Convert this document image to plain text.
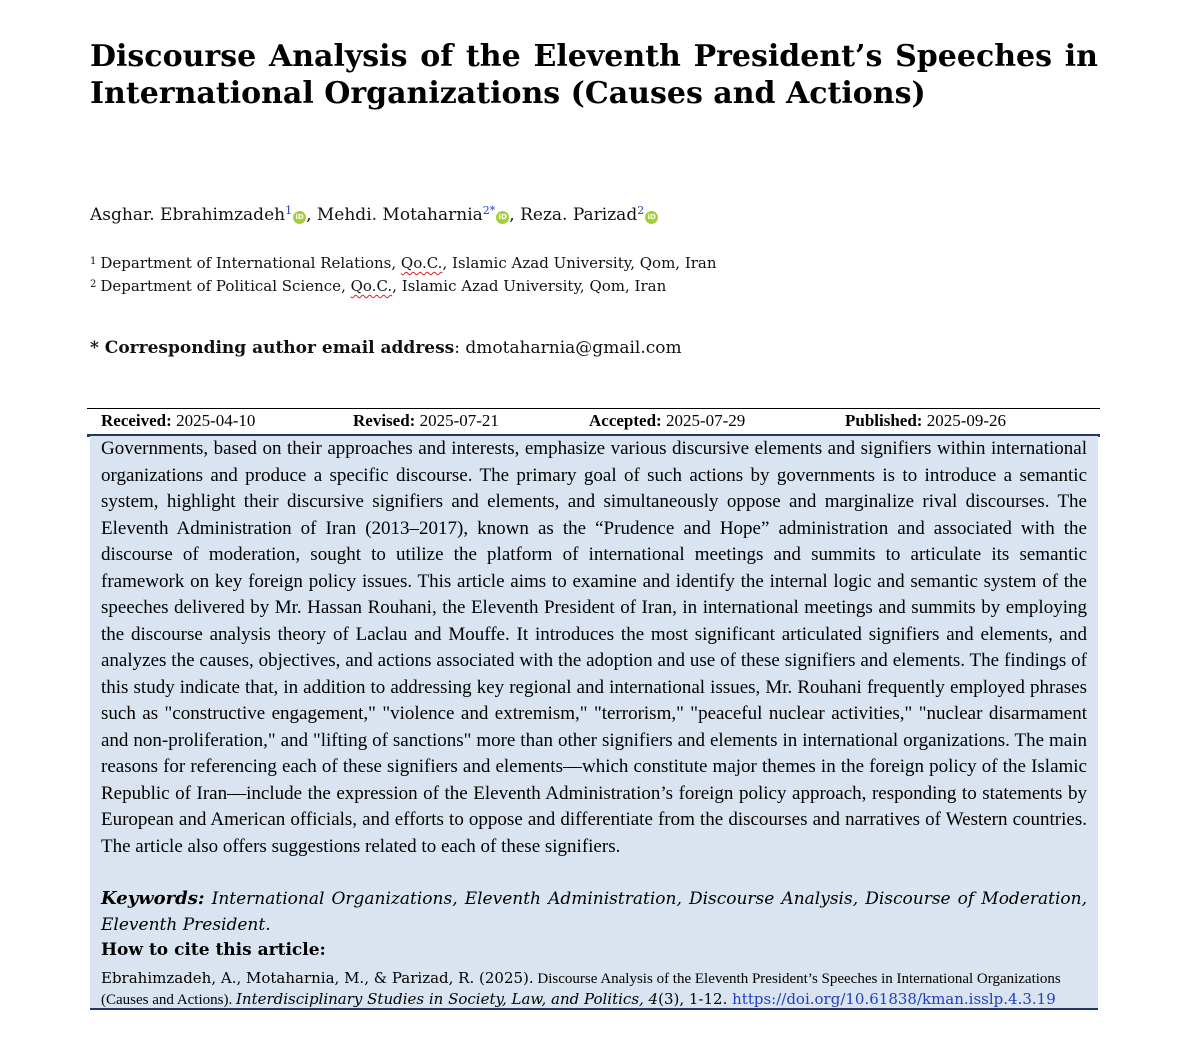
Discourse Analysis of the Eleventh President’s Speeches in International Organizations (Causes and Actions)
Asghar. Ebrahimzadeh$^1$ iD , Mehdi. Motaharnia$^{2*}$ iD , Reza. Parizad$^2$ iD
$^1$ Department of International Relations, Qo.C., Islamic Azad University, Qom, Iran
$^2$ Department of Political Science, Qo.C., Islamic Azad University, Qom, Iran
* Corresponding author email address: dmotaharnia@gmail.com
Received: 2025-04-10	Revised: 2025-07-21	Accepted: 2025-07-29	Published: 2025-09-26

Governments, based on their approaches and interests, emphasize various discursive elements and signifiers within international organizations and produce a specific discourse. The primary goal of such actions by governments is to introduce a semantic system, highlight their discursive signifiers and elements, and simultaneously oppose and marginalize rival discourses. The Eleventh Administration of Iran (2013–2017), known as the “Prudence and Hope” administration and associated with the discourse of moderation, sought to utilize the platform of international meetings and summits to articulate its semantic framework on key foreign policy issues. This article aims to examine and identify the internal logic and semantic system of the speeches delivered by Mr. Hassan Rouhani, the Eleventh President of Iran, in international meetings and summits by employing the discourse analysis theory of Laclau and Mouffe. It introduces the most significant articulated signifiers and elements, and analyzes the causes, objectives, and actions associated with the adoption and use of these signifiers and elements. The findings of this study indicate that, in addition to addressing key regional and international issues, Mr. Rouhani frequently employed phrases such as "constructive engagement," "violence and extremism," "terrorism," "peaceful nuclear activities," "nuclear disarmament and non-proliferation," and "lifting of sanctions" more than other signifiers and elements in international organizations. The main reasons for referencing each of these signifiers and elements—which constitute major themes in the foreign policy of the Islamic Republic of Iran—include the expression of the Eleventh Administration’s foreign policy approach, responding to statements by European and American officials, and efforts to oppose and differentiate from the discourses and narratives of Western countries. The article also offers suggestions related to each of these signifiers.

Keywords: International Organizations, Eleventh Administration, Discourse Analysis, Discourse of Moderation, Eleventh President.

How to cite this article:

Ebrahimzadeh, A., Motaharnia, M., & Parizad, R. (2025). Discourse Analysis of the Eleventh President’s Speeches in International Organizations (Causes and Actions). Interdisciplinary Studies in Society, Law, and Politics, 4(3), 1-12. https://doi.org/10.61838/kman.isslp.4.3.19
